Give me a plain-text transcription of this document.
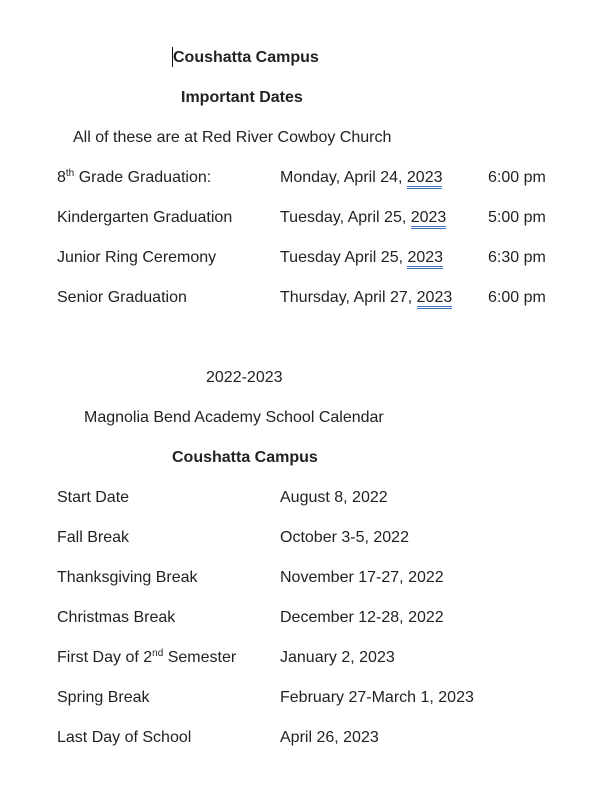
Coushatta Campus
Important Dates
All of these are at Red River Cowboy Church
8th Grade Graduation:	Monday, April 24, 2023	6:00 pm
Kindergarten Graduation	Tuesday, April 25, 2023	5:00 pm
Junior Ring Ceremony	Tuesday April 25, 2023	6:30 pm
Senior Graduation	Thursday, April 27, 2023 6:00 pm
2022-2023
Magnolia Bend Academy School Calendar
Coushatta Campus
Start Date	August 8, 2022
Fall Break	October 3-5, 2022
Thanksgiving Break	November 17-27, 2022
Christmas Break	December 12-28, 2022
First Day of 2nd Semester	January 2, 2023
Spring Break	February 27-March 1, 2023
Last Day of School	April 26, 2023
